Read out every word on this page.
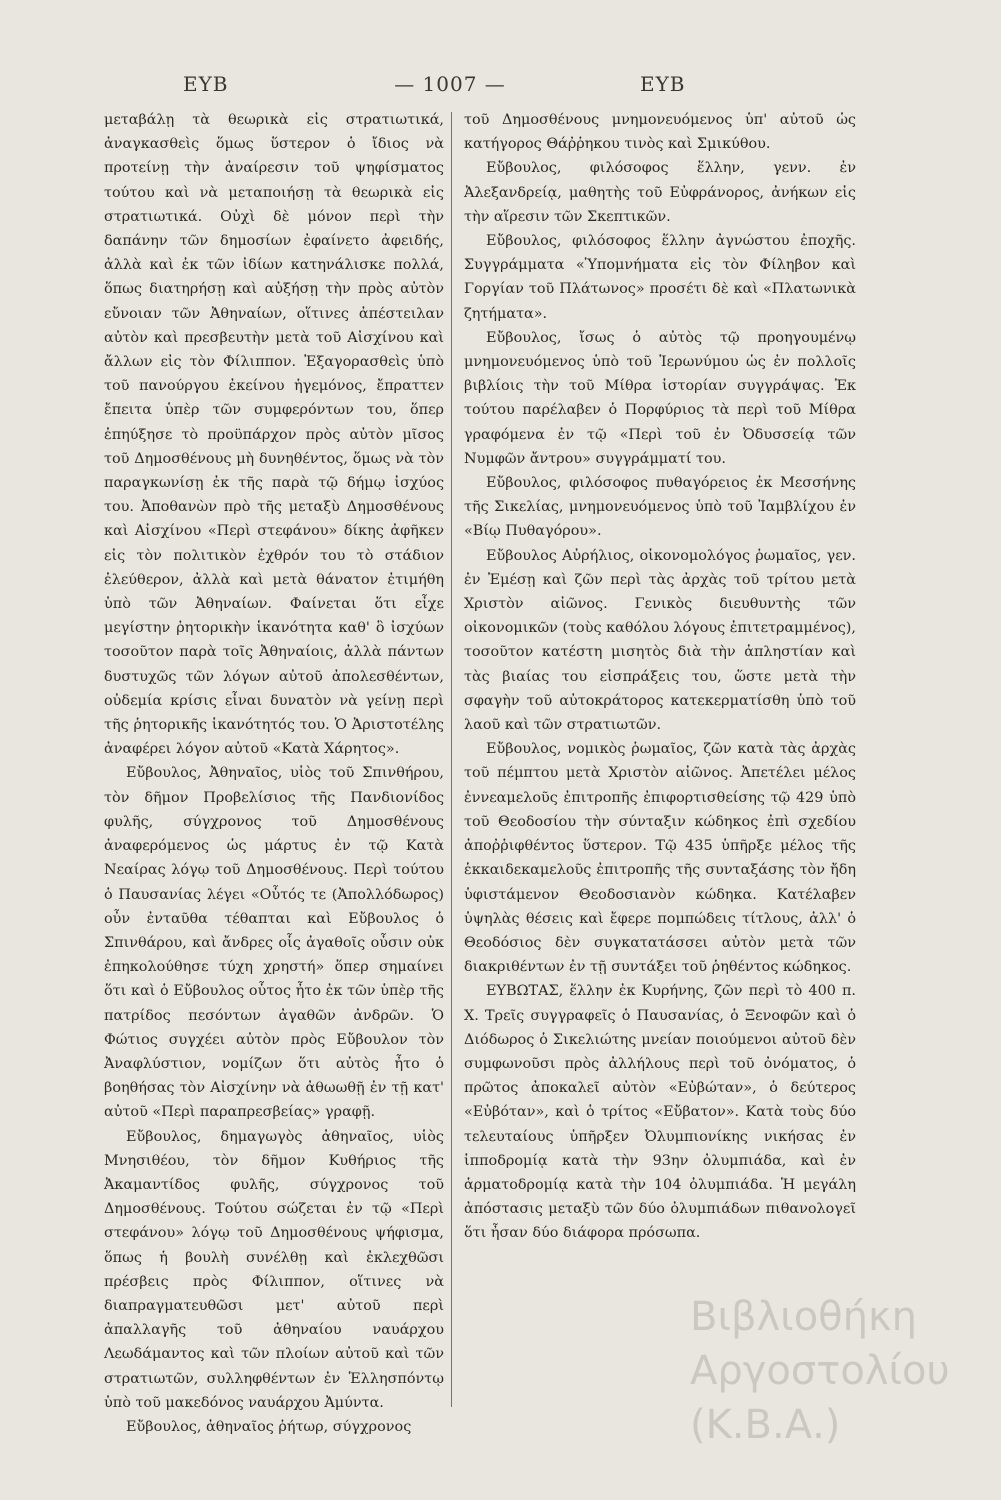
ΕΥΒ	— 1007 —	ΕΥΒ

μεταβάλῃ τὰ θεωρικὰ εἰς στρατιωτικά, ἀναγκασθεὶς ὅμως ὕστερον ὁ ἴδιος νὰ προτείνῃ τὴν ἀναίρεσιν τοῦ ψηφίσματος τούτου καὶ νὰ μεταποιήσῃ τὰ θεωρικὰ εἰς στρατιωτικά. Οὐχὶ δὲ μόνον περὶ τὴν δαπάνην τῶν δημοσίων ἐφαίνετο ἀφειδής, ἀλλὰ καὶ ἐκ τῶν ἰδίων κατηνάλισκε πολλά, ὅπως διατηρήσῃ καὶ αὐξήσῃ τὴν πρὸς αὐτὸν εὔνοιαν τῶν Ἀθηναίων, οἵτινες ἀπέστειλαν αὐτὸν καὶ πρεσβευτὴν μετὰ τοῦ Αἰσχίνου καὶ ἄλλων εἰς τὸν Φίλιππον. Ἐξαγορασθεὶς ὑπὸ τοῦ πανούργου ἐκείνου ἡγεμόνος, ἔπραττεν ἔπειτα ὑπὲρ τῶν συμφερόντων του, ὅπερ ἐπηύξησε τὸ προϋπάρχον πρὸς αὐτὸν μῖσος τοῦ Δημοσθένους μὴ δυνηθέντος, ὅμως νὰ τὸν παραγκωνίσῃ ἐκ τῆς παρὰ τῷ δήμῳ ἰσχύος του. Ἀποθανὼν πρὸ τῆς μεταξὺ Δημοσθένους καὶ Αἰσχίνου «Περὶ στεφάνου» δίκης ἀφῆκεν εἰς τὸν πολιτικὸν ἐχθρόν του τὸ στάδιον ἐλεύθερον, ἀλλὰ καὶ μετὰ θάνατον ἐτιμήθη ὑπὸ τῶν Ἀθηναίων. Φαίνεται ὅτι εἶχε μεγίστην ῥητορικὴν ἱκανότητα καθ' ὃ ἰσχύων τοσοῦτον παρὰ τοῖς Ἀθηναίοις, ἀλλὰ πάντων δυστυχῶς τῶν λόγων αὐτοῦ ἀπολεσθέντων, οὐδεμία κρίσις εἶναι δυνατὸν νὰ γείνῃ περὶ τῆς ῥητορικῆς ἱκανότητός του. Ὁ Ἀριστοτέλης ἀναφέρει λόγον αὐτοῦ «Κατὰ Χάρητος».

Εὔβουλος, Ἀθηναῖος, υἱὸς τοῦ Σπινθήρου, τὸν δῆμον Προβελίσιος τῆς Πανδιονίδος φυλῆς, σύγχρονος τοῦ Δημοσθένους ἀναφερόμενος ὡς μάρτυς ἐν τῷ Κατὰ Νεαίρας λόγῳ τοῦ Δημοσθένους. Περὶ τούτου ὁ Παυσανίας λέγει «Οὗτός τε (Ἀπολλόδωρος) οὖν ἐνταῦθα τέθαπται καὶ Εὔβουλος ὁ Σπινθάρου, καὶ ἄνδρες οἷς ἀγαθοῖς οὖσιν οὐκ ἐπηκολούθησε τύχη χρηστή» ὅπερ σημαίνει ὅτι καὶ ὁ Εὔβουλος οὗτος ἦτο ἐκ τῶν ὑπὲρ τῆς πατρίδος πεσόντων ἀγαθῶν ἀνδρῶν. Ὁ Φώτιος συγχέει αὐτὸν πρὸς Εὔβουλον τὸν Ἀναφλύστιον, νομίζων ὅτι αὐτὸς ἦτο ὁ βοηθήσας τὸν Αἰσχίνην νὰ ἀθωωθῇ ἐν τῇ κατ' αὐτοῦ «Περὶ παραπρεσβείας» γραφῇ.

Εὔβουλος, δημαγωγὸς ἀθηναῖος, υἱὸς Μνησιθέου, τὸν δῆμον Κυθήριος τῆς Ἀκαμαντίδος φυλῆς, σύγχρονος τοῦ Δημοσθένους. Τούτου σώζεται ἐν τῷ «Περὶ στεφάνου» λόγῳ τοῦ Δημοσθένους ψήφισμα, ὅπως ἡ βουλὴ συνέλθῃ καὶ ἐκλεχθῶσι πρέσβεις πρὸς Φίλιππον, οἵτινες νὰ διαπραγματευθῶσι μετ' αὐτοῦ περὶ ἀπαλλαγῆς τοῦ ἀθηναίου ναυάρχου Λεωδάμαντος καὶ τῶν πλοίων αὐτοῦ καὶ τῶν στρατιωτῶν, συλληφθέντων ἐν Ἑλλησπόντῳ ὑπὸ τοῦ μακεδόνος ναυάρχου Ἀμύντα.

Εὔβουλος, ἀθηναῖος ῥήτωρ, σύγχρονος

τοῦ Δημοσθένους μνημονευόμενος ὑπ' αὐτοῦ ὡς κατήγορος Θάῤῥηκου τινὸς καὶ Σμικύθου.

Εὔβουλος, φιλόσοφος ἕλλην, γενν. ἐν Ἀλεξανδρείᾳ, μαθητὴς τοῦ Εὐφράνορος, ἀνήκων εἰς τὴν αἵρεσιν τῶν Σκεπτικῶν.

Εὔβουλος, φιλόσοφος ἕλλην ἀγνώστου ἐποχῆς. Συγγράμματα «Ὑπομνήματα εἰς τὸν Φίληβον καὶ Γοργίαν τοῦ Πλάτωνος» προσέτι δὲ καὶ «Πλατωνικὰ ζητήματα».

Εὔβουλος, ἴσως ὁ αὐτὸς τῷ προηγουμένῳ μνημονευόμενος ὑπὸ τοῦ Ἱερωνύμου ὡς ἐν πολλοῖς βιβλίοις τὴν τοῦ Μίθρα ἱστορίαν συγγράψας. Ἐκ τούτου παρέλαβεν ὁ Πορφύριος τὰ περὶ τοῦ Μίθρα γραφόμενα ἐν τῷ «Περὶ τοῦ ἐν Ὀδυσσείᾳ τῶν Νυμφῶν ἄντρου» συγγράμματί του.

Εὔβουλος, φιλόσοφος πυθαγόρειος ἐκ Μεσσήνης τῆς Σικελίας, μνημονευόμενος ὑπὸ τοῦ Ἰαμβλίχου ἐν «Βίῳ Πυθαγόρου».

Εὔβουλος Αὐρήλιος, οἰκονομολόγος ῥωμαῖος, γεν. ἐν Ἐμέσῃ καὶ ζῶν περὶ τὰς ἀρχὰς τοῦ τρίτου μετὰ Χριστὸν αἰῶνος. Γενικὸς διευθυντὴς τῶν οἰκονομικῶν (τοὺς καθόλου λόγους ἐπιτετραμμένος), τοσοῦτον κατέστη μισητὸς διὰ τὴν ἀπληστίαν καὶ τὰς βιαίας του εἰσπράξεις του, ὥστε μετὰ τὴν σφαγὴν τοῦ αὐτοκράτορος κατεκερματίσθη ὑπὸ τοῦ λαοῦ καὶ τῶν στρατιωτῶν.

Εὔβουλος, νομικὸς ῥωμαῖος, ζῶν κατὰ τὰς ἀρχὰς τοῦ πέμπτου μετὰ Χριστὸν αἰῶνος. Ἀπετέλει μέλος ἐννεαμελοῦς ἐπιτροπῆς ἐπιφορτισθείσης τῷ 429 ὑπὸ τοῦ Θεοδοσίου τὴν σύνταξιν κώδηκος ἐπὶ σχεδίου ἀποῤῥιφθέντος ὕστερον. Τῷ 435 ὑπῆρξε μέλος τῆς ἑκκαιδεκαμελοῦς ἐπιτροπῆς τῆς συνταξάσης τὸν ἤδη ὑφιστάμενον Θεοδοσιανὸν κώδηκα. Κατέλαβεν ὑψηλὰς θέσεις καὶ ἔφερε πομπώδεις τίτλους, ἀλλ' ὁ Θεοδόσιος δὲν συγκατατάσσει αὐτὸν μετὰ τῶν διακριθέντων ἐν τῇ συντάξει τοῦ ῥηθέντος κώδηκος.

ΕΥΒΩΤΑΣ, ἕλλην ἐκ Κυρήνης, ζῶν περὶ τὸ 400 π. Χ. Τρεῖς συγγραφεῖς ὁ Παυσανίας, ὁ Ξενοφῶν καὶ ὁ Διόδωρος ὁ Σικελιώτης μνείαν ποιούμενοι αὐτοῦ δὲν συμφωνοῦσι πρὸς ἀλλήλους περὶ τοῦ ὀνόματος, ὁ πρῶτος ἀποκαλεῖ αὐτὸν «Εὐβώταν», ὁ δεύτερος «Εὐβόταν», καὶ ὁ τρίτος «Εὔβατον». Κατὰ τοὺς δύο τελευταίους ὑπῆρξεν Ὀλυμπιονίκης νικήσας ἐν ἱπποδρομίᾳ κατὰ τὴν 93ην ὀλυμπιάδα, καὶ ἐν ἁρματοδρομίᾳ κατὰ τὴν 104 ὀλυμπιάδα. Ἡ μεγάλη ἀπόστασις μεταξὺ τῶν δύο ὀλυμπιάδων πιθανολογεῖ ὅτι ἦσαν δύο διάφορα πρόσωπα.

Βιβλιοθήκη Αργοστολίου (Κ.Β.Α.)
